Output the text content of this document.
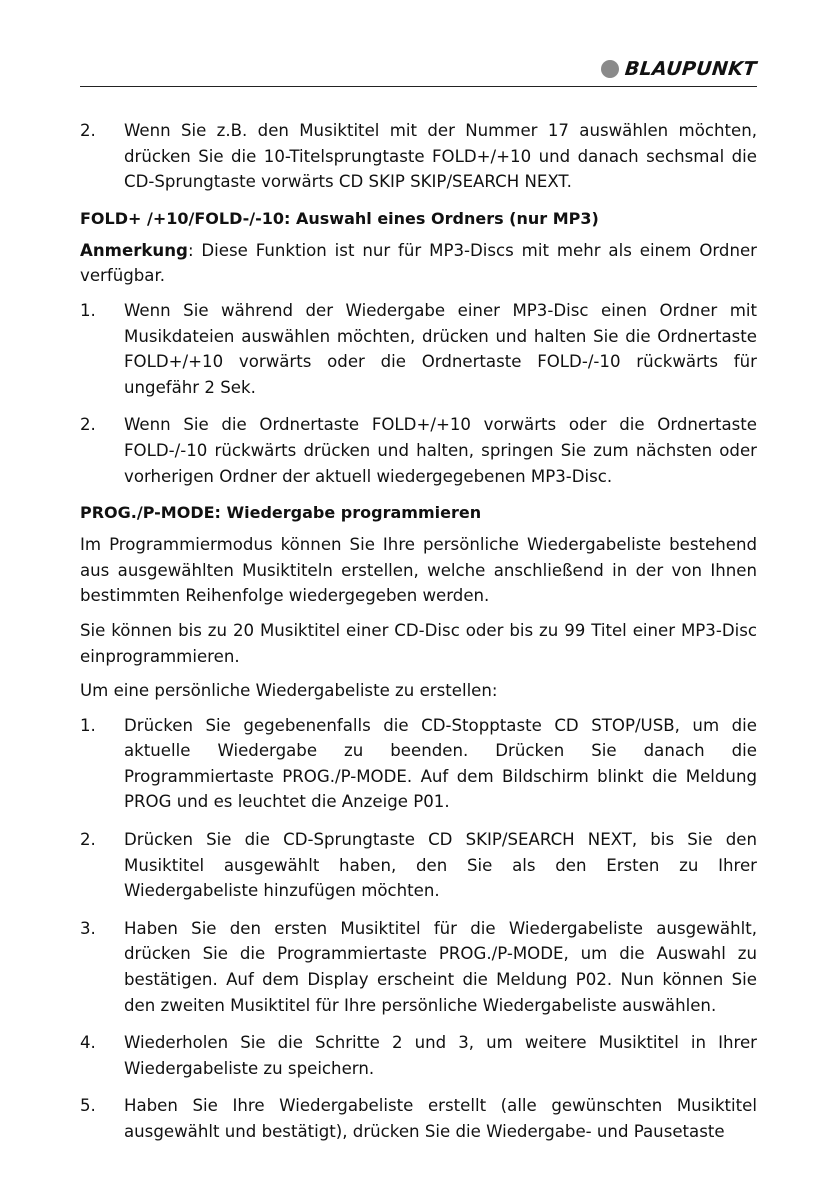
BLAUPUNKT
2.	Wenn Sie z.B. den Musiktitel mit der Nummer 17 auswählen möchten, drücken Sie die 10-Titelsprungtaste FOLD+/+10 und danach sechsmal die CD-Sprungtaste vorwärts CD SKIP SKIP/SEARCH NEXT.
FOLD+ /+10/FOLD-/-10: Auswahl eines Ordners (nur MP3)

Anmerkung: Diese Funktion ist nur für MP3-Discs mit mehr als einem Ordner verfügbar.

1.	Wenn Sie während der Wiedergabe einer MP3-Disc einen Ordner mit Musikdateien auswählen möchten, drücken und halten Sie die Ordnertaste FOLD+/+10 vorwärts oder die Ordnertaste FOLD-/-10 rückwärts für ungefähr 2 Sek.
2.	Wenn Sie die Ordnertaste FOLD+/+10 vorwärts oder die Ordnertaste FOLD-/-10 rückwärts drücken und halten, springen Sie zum nächsten oder vorherigen Ordner der aktuell wiedergegebenen MP3-Disc.
PROG./P-MODE: Wiedergabe programmieren

Im Programmiermodus können Sie Ihre persönliche Wiedergabeliste bestehend aus ausgewählten Musiktiteln erstellen, welche anschließend in der von Ihnen bestimmten Reihenfolge wiedergegeben werden.

Sie können bis zu 20 Musiktitel einer CD-Disc oder bis zu 99 Titel einer MP3-Disc einprogrammieren.

Um eine persönliche Wiedergabeliste zu erstellen:

1.	Drücken Sie gegebenenfalls die CD-Stopptaste CD STOP/USB, um die aktuelle Wiedergabe zu beenden. Drücken Sie danach die Programmiertaste PROG./P-MODE. Auf dem Bildschirm blinkt die Meldung PROG und es leuchtet die Anzeige P01.
2.	Drücken Sie die CD-Sprungtaste CD SKIP/SEARCH NEXT, bis Sie den Musiktitel ausgewählt haben, den Sie als den Ersten zu Ihrer Wiedergabeliste hinzufügen möchten.
3.	Haben Sie den ersten Musiktitel für die Wiedergabeliste ausgewählt, drücken Sie die Programmiertaste PROG./P-MODE, um die Auswahl zu bestätigen. Auf dem Display erscheint die Meldung P02. Nun können Sie den zweiten Musiktitel für Ihre persönliche Wiedergabeliste auswählen.
4.	Wiederholen Sie die Schritte 2 und 3, um weitere Musiktitel in Ihrer Wiedergabeliste zu speichern.
5.	Haben Sie Ihre Wiedergabeliste erstellt (alle gewünschten Musiktitel ausgewählt und bestätigt), drücken Sie die Wiedergabe- und Pausetaste
